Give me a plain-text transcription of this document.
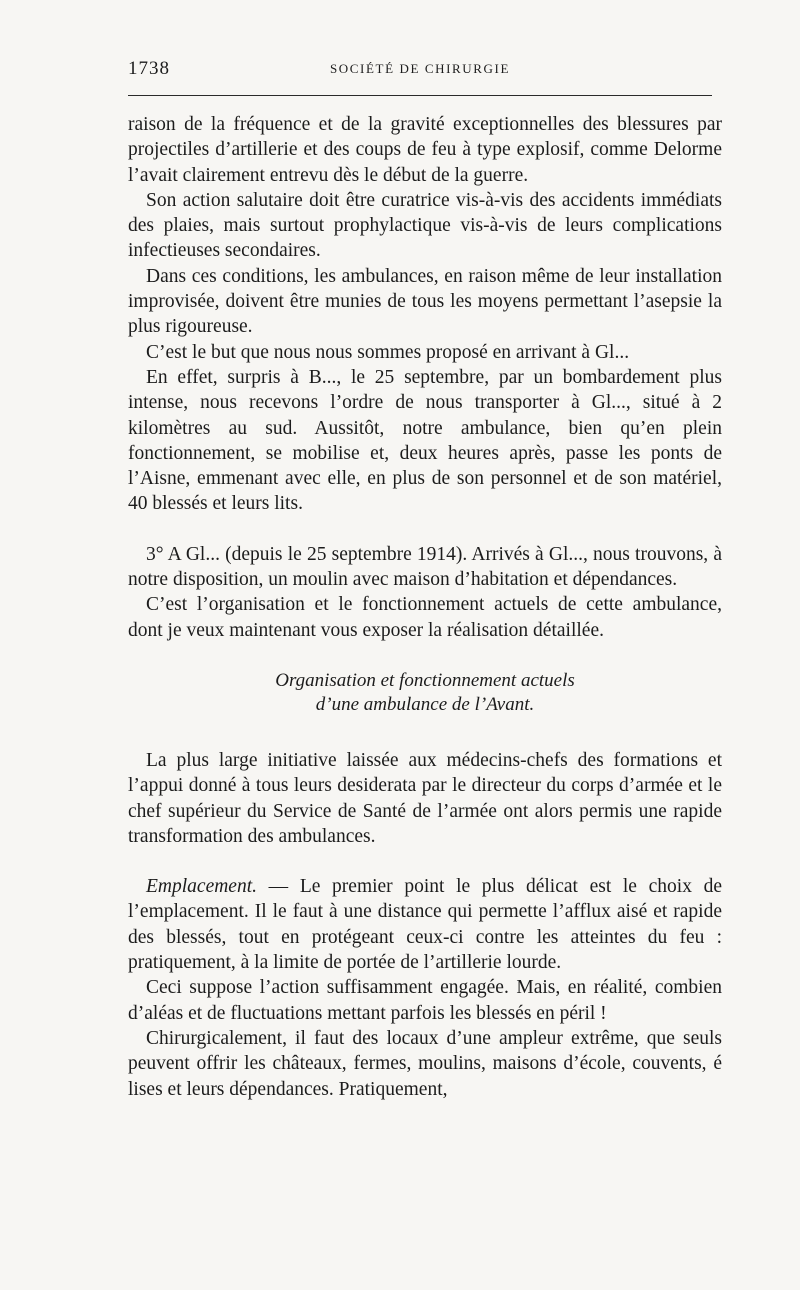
1738	SOCIÉTÉ DE CHIRURGIE

raison de la fréquence et de la gravité exceptionnelles des blessures par projectiles d’artillerie et des coups de feu à type explosif, comme Delorme l’avait clairement entrevu dès le début de la guerre.

Son action salutaire doit être curatrice vis-à-vis des accidents immédiats des plaies, mais surtout prophylactique vis-à-vis de leurs complications infectieuses secondaires.

Dans ces conditions, les ambulances, en raison même de leur installation improvisée, doivent être munies de tous les moyens permettant l’asepsie la plus rigoureuse.

C’est le but que nous nous sommes proposé en arrivant à Gl...

En effet, surpris à B..., le 25 septembre, par un bombardement plus intense, nous recevons l’ordre de nous transporter à Gl..., situé à 2 kilomètres au sud. Aussitôt, notre ambulance, bien qu’en plein fonctionnement, se mobilise et, deux heures après, passe les ponts de l’Aisne, emmenant avec elle, en plus de son personnel et de son matériel, 40 blessés et leurs lits.

3° A Gl... (depuis le 25 septembre 1914). Arrivés à Gl..., nous trouvons, à notre disposition, un moulin avec maison d’habitation et dépendances.

C’est l’organisation et le fonctionnement actuels de cette ambulance, dont je veux maintenant vous exposer la réalisation détaillée.

Organisation et fonctionnement actuels
d’une ambulance de l’Avant.

La plus large initiative laissée aux médecins-chefs des formations et l’appui donné à tous leurs desiderata par le directeur du corps d’armée et le chef supérieur du Service de Santé de l’armée ont alors permis une rapide transformation des ambulances.

Emplacement. — Le premier point le plus délicat est le choix de l’emplacement. Il le faut à une distance qui permette l’afflux aisé et rapide des blessés, tout en protégeant ceux-ci contre les atteintes du feu : pratiquement, à la limite de portée de l’artillerie lourde.

Ceci suppose l’action suffisamment engagée. Mais, en réalité, combien d’aléas et de fluctuations mettant parfois les blessés en péril !

Chirurgicalement, il faut des locaux d’une ampleur extrême, que seuls peuvent offrir les châteaux, fermes, moulins, maisons d’école, couvents, é lises et leurs dépendances. Pratiquement,
